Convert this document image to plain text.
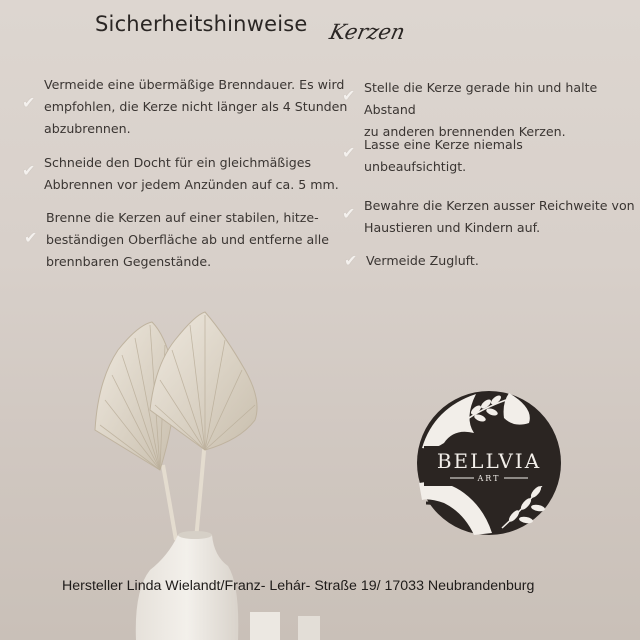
Sicherheitshinweise Kerzen
✔
Vermeide eine übermäßige Brenndauer. Es wird
empfohlen, die Kerze nicht länger als 4 Stunden
abzubrennen.
✔ Schneide den Docht für ein gleichmäßiges
Abbrennen vor jedem Anzünden auf ca. 5 mm.
✔
Brenne die Kerzen auf einer stabilen, hitze-
beständigen Oberfläche ab und entferne alle
brennbaren Gegenstände.
✔ Stelle die Kerze gerade hin und halte Abstand
zu anderen brennenden Kerzen.
✔ Lasse eine Kerze niemals
unbeaufsichtigt.
✔ Bewahre die Kerzen ausser Reichweite von
Haustieren und Kindern auf.
✔ Vermeide Zugluft.
BELLVIA
ART
Hersteller Linda Wielandt/Franz- Lehár- Straße 19/ 17033 Neubrandenburg
